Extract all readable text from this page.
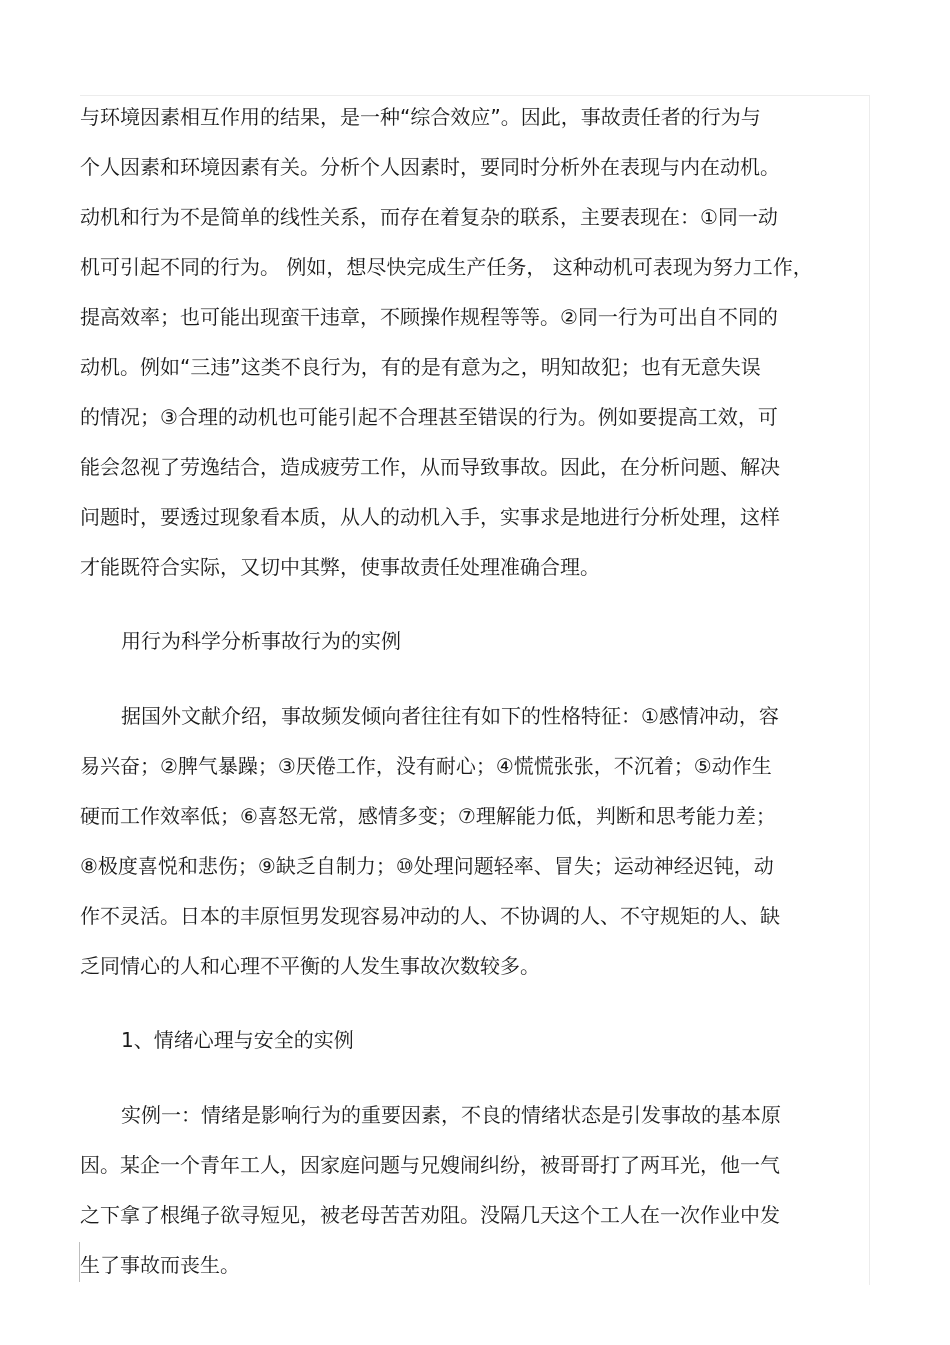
与环境因素相互作用的结果，是一种“综合效应”。因此，事故责任者的行为与

个人因素和环境因素有关。分析个人因素时，要同时分析外在表现与内在动机。

动机和行为不是简单的线性关系，而存在着复杂的联系，主要表现在：①同一动

机可引起不同的行为。 例如，想尽快完成生产任务， 这种动机可表现为努力工作，

提高效率；也可能出现蛮干违章，不顾操作规程等等。②同一行为可出自不同的

动机。例如“三违”这类不良行为，有的是有意为之，明知故犯；也有无意失误

的情况；③合理的动机也可能引起不合理甚至错误的行为。例如要提高工效，可

能会忽视了劳逸结合，造成疲劳工作，从而导致事故。因此，在分析问题、解决

问题时，要透过现象看本质，从人的动机入手，实事求是地进行分析处理，这样

才能既符合实际，又切中其弊，使事故责任处理准确合理。

用行为科学分析事故行为的实例

据国外文献介绍，事故频发倾向者往往有如下的性格特征：①感情冲动，容

易兴奋；②脾气暴躁；③厌倦工作，没有耐心；④慌慌张张，不沉着；⑤动作生

硬而工作效率低；⑥喜怒无常，感情多变；⑦理解能力低，判断和思考能力差；

⑧极度喜悦和悲伤；⑨缺乏自制力；⑩处理问题轻率、冒失；运动神经迟钝，动

作不灵活。日本的丰原恒男发现容易冲动的人、不协调的人、不守规矩的人、缺

乏同情心的人和心理不平衡的人发生事故次数较多。

1、情绪心理与安全的实例

实例一：情绪是影响行为的重要因素，不良的情绪状态是引发事故的基本原

因。某企一个青年工人，因家庭问题与兄嫂闹纠纷，被哥哥打了两耳光，他一气

之下拿了根绳子欲寻短见，被老母苦苦劝阻。没隔几天这个工人在一次作业中发

生了事故而丧生。
